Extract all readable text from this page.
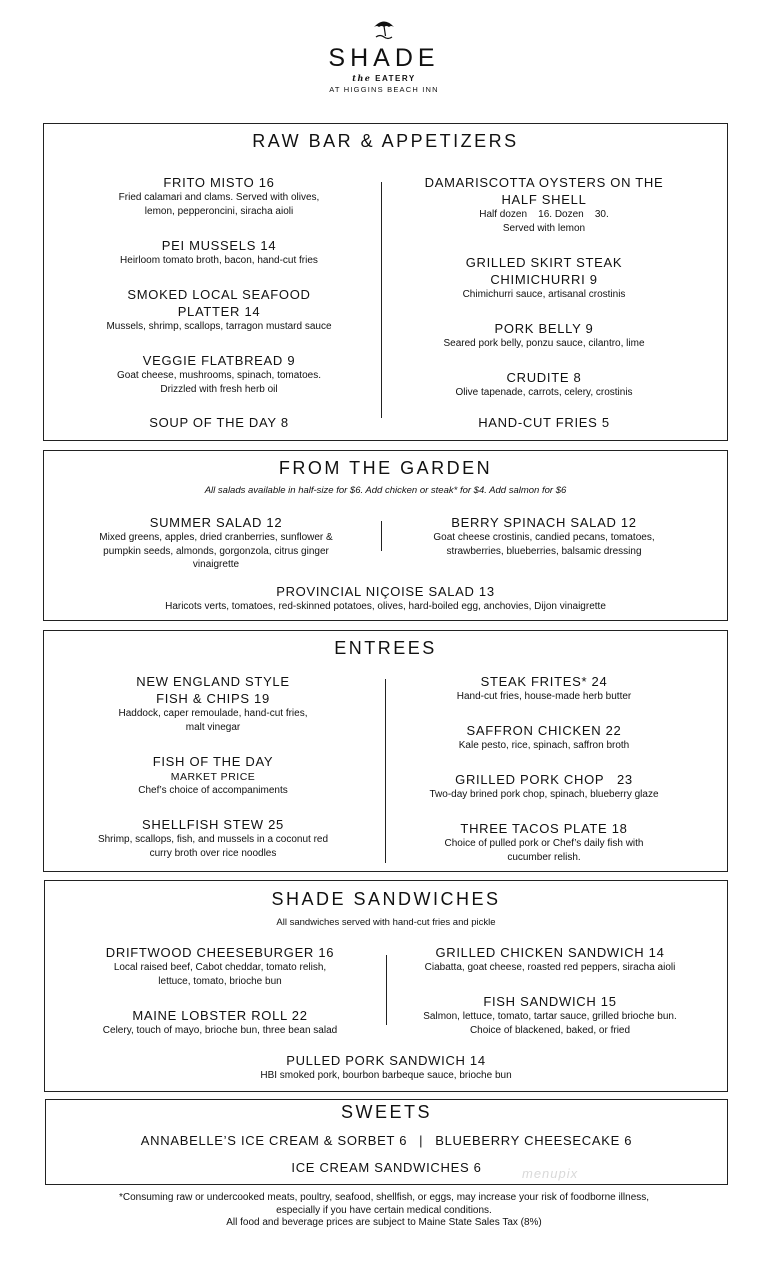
SHADE
the EATERY
AT HIGGINS BEACH INN
RAW BAR & APPETIZERS
FRITO MISTO 16
Fried calamari and clams. Served with olives,
lemon, pepperoncini, siracha aioli
PEI MUSSELS 14
Heirloom tomato broth, bacon, hand-cut fries
SMOKED LOCAL SEAFOOD
PLATTER 14
Mussels, shrimp, scallops, tarragon mustard sauce
VEGGIE FLATBREAD 9
Goat cheese, mushrooms, spinach, tomatoes.
Drizzled with fresh herb oil
SOUP OF THE DAY 8
DAMARISCOTTA OYSTERS ON THE
HALF SHELL
Half dozen    16. Dozen    30.
Served with lemon
GRILLED SKIRT STEAK
CHIMICHURRI 9
Chimichurri sauce, artisanal crostinis
PORK BELLY 9
Seared pork belly, ponzu sauce, cilantro, lime
CRUDITE 8
Olive tapenade, carrots, celery, crostinis
HAND-CUT FRIES 5
FROM THE GARDEN
All salads available in half-size for $6. Add chicken or steak* for $4. Add salmon for $6
SUMMER SALAD 12
Mixed greens, apples, dried cranberries, sunflower &
pumpkin seeds, almonds, gorgonzola, citrus ginger
vinaigrette
BERRY SPINACH SALAD 12
Goat cheese crostinis, candied pecans, tomatoes,
strawberries, blueberries, balsamic dressing
PROVINCIAL NIÇOISE SALAD 13
Haricots verts, tomatoes, red-skinned potatoes, olives, hard-boiled egg, anchovies, Dijon vinaigrette
ENTREES
NEW ENGLAND STYLE
FISH & CHIPS 19
Haddock, caper remoulade, hand-cut fries,
malt vinegar
FISH OF THE DAY
MARKET PRICE
Chef’s choice of accompaniments
SHELLFISH STEW 25
Shrimp, scallops, fish, and mussels in a coconut red
curry broth over rice noodles
STEAK FRITES* 24
Hand-cut fries, house-made herb butter
SAFFRON CHICKEN 22
Kale pesto, rice, spinach, saffron broth
GRILLED PORK CHOP   23
Two-day brined pork chop, spinach, blueberry glaze
THREE TACOS PLATE 18
Choice of pulled pork or Chef’s daily fish with
cucumber relish.
SHADE SANDWICHES
All sandwiches served with hand-cut fries and pickle
DRIFTWOOD CHEESEBURGER 16
Local raised beef, Cabot cheddar, tomato relish,
lettuce, tomato, brioche bun
MAINE LOBSTER ROLL 22
Celery, touch of mayo, brioche bun, three bean salad
GRILLED CHICKEN SANDWICH 14
Ciabatta, goat cheese, roasted red peppers, siracha aioli
FISH SANDWICH 15
Salmon, lettuce, tomato, tartar sauce, grilled brioche bun.
Choice of blackened, baked, or fried
PULLED PORK SANDWICH 14
HBI smoked pork, bourbon barbeque sauce, brioche bun
SWEETS
ANNABELLE’S ICE CREAM & SORBET 6 | BLUEBERRY CHEESECAKE 6
ICE CREAM SANDWICHES 6	menupix
*Consuming raw or undercooked meats, poultry, seafood, shellfish, or eggs, may increase your risk of foodborne illness,
especially if you have certain medical conditions.
All food and beverage prices are subject to Maine State Sales Tax (8%)
